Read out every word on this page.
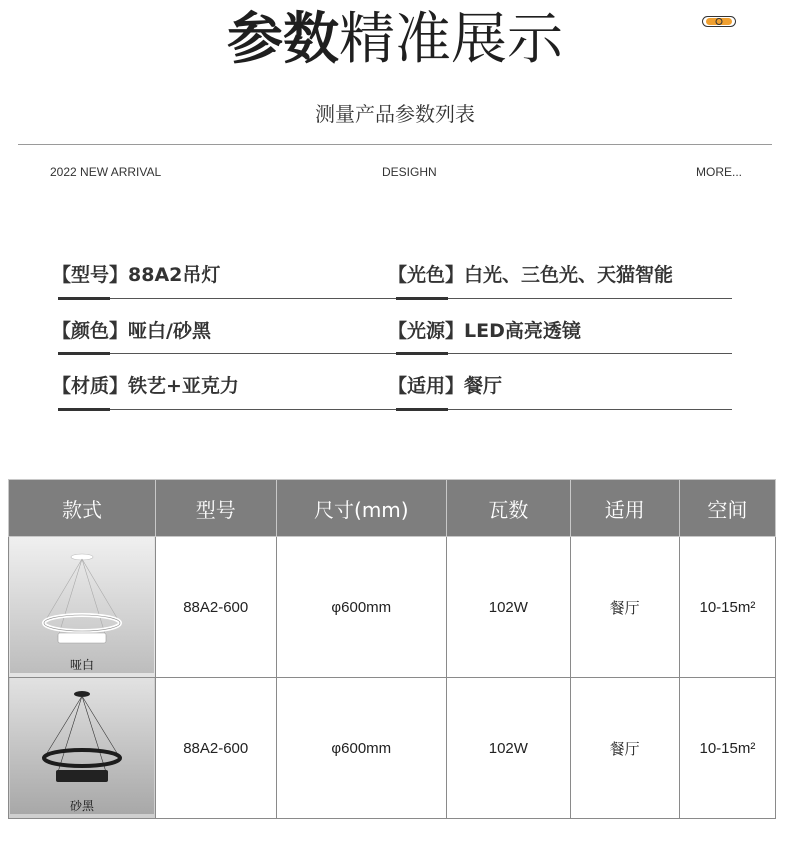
参数精准展示
测量产品参数列表
2022 NEW ARRIVAL	DESIGHN	MORE...
【型号】88A2吊灯	【光色】白光、三色光、天猫智能
【颜色】哑白/砂黑	【光源】LED高亮透镜
【材质】铁艺+亚克力	【适用】餐厅
款式	型号	尺寸(mm)	瓦数	适用	空间

哑白	88A2-600	φ600mm	102W	餐厅	10-15m²

砂黑	88A2-600	φ600mm	102W	餐厅	10-15m²
